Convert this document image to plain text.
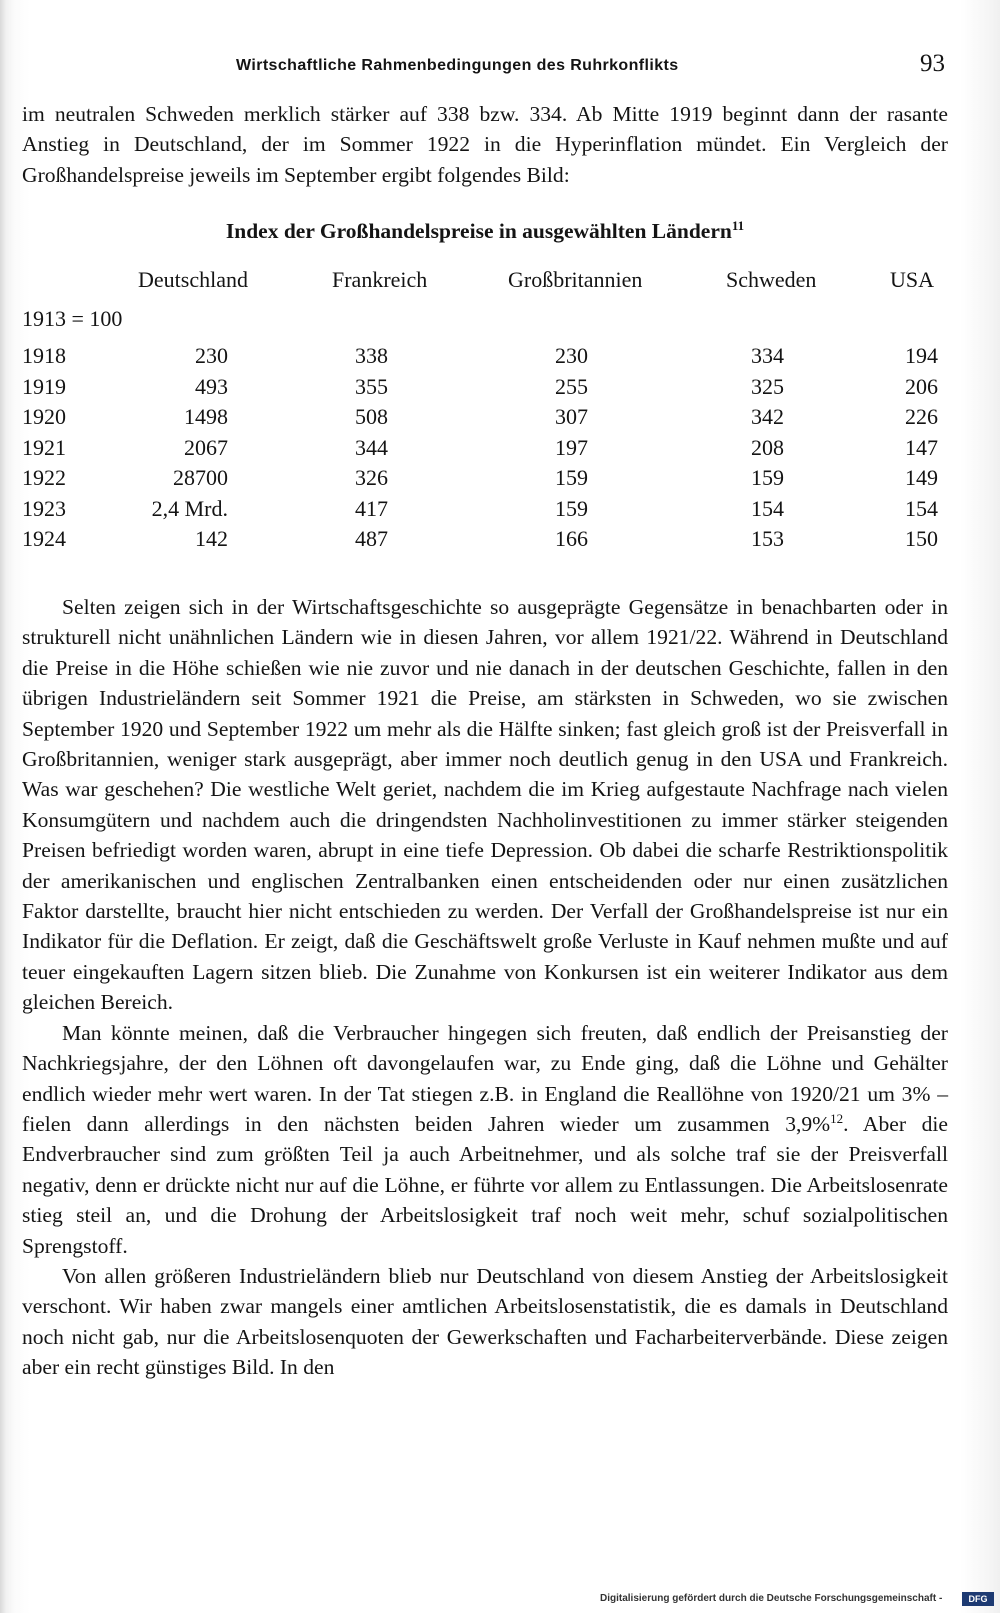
Wirtschaftliche Rahmenbedingungen des Ruhrkonflikts	93

im neutralen Schweden merklich stärker auf 338 bzw. 334. Ab Mitte 1919 beginnt dann der rasante Anstieg in Deutschland, der im Sommer 1922 in die Hyperinflation mündet. Ein Vergleich der Großhandelspreise jeweils im September ergibt folgendes Bild:

Index der Großhandelspreise in ausgewählten Ländern$^{11}$
Deutschland	Frankreich	Großbritannien	Schweden	USA
1913 = 100
1918	230	338	230	334	194
1919	493	355	255	325	206
1920	1498	508	307	342	226
1921	2067	344	197	208	147
1922	28700	326	159	159	149
1923	2,4 Mrd.	417	159	154	154
1924	142	487	166	153	150

Selten zeigen sich in der Wirtschaftsgeschichte so ausgeprägte Gegensätze in benachbarten oder in strukturell nicht unähnlichen Ländern wie in diesen Jahren, vor allem 1921/22. Während in Deutschland die Preise in die Höhe schießen wie nie zuvor und nie danach in der deutschen Geschichte, fallen in den übrigen Industrieländern seit Sommer 1921 die Preise, am stärksten in Schweden, wo sie zwischen September 1920 und September 1922 um mehr als die Hälfte sinken; fast gleich groß ist der Preisverfall in Großbritannien, weniger stark ausgeprägt, aber immer noch deutlich genug in den USA und Frankreich. Was war geschehen? Die westliche Welt geriet, nachdem die im Krieg aufgestaute Nachfrage nach vielen Konsumgütern und nachdem auch die dringendsten Nachholinvestitionen zu immer stärker steigenden Preisen befriedigt worden waren, abrupt in eine tiefe Depression. Ob dabei die scharfe Restriktionspolitik der amerikanischen und englischen Zentralbanken einen entscheidenden oder nur einen zusätzlichen Faktor darstellte, braucht hier nicht entschieden zu werden. Der Verfall der Großhandelspreise ist nur ein Indikator für die Deflation. Er zeigt, daß die Geschäftswelt große Verluste in Kauf nehmen mußte und auf teuer eingekauften Lagern sitzen blieb. Die Zunahme von Konkursen ist ein weiterer Indikator aus dem gleichen Bereich.

Man könnte meinen, daß die Verbraucher hingegen sich freuten, daß endlich der Preisanstieg der Nachkriegsjahre, der den Löhnen oft davongelaufen war, zu Ende ging, daß die Löhne und Gehälter endlich wieder mehr wert waren. In der Tat stiegen z.B. in England die Reallöhne von 1920/21 um 3% – fielen dann allerdings in den nächsten beiden Jahren wieder um zusammen 3,9%$^{12}$. Aber die Endverbraucher sind zum größten Teil ja auch Arbeitnehmer, und als solche traf sie der Preisverfall negativ, denn er drückte nicht nur auf die Löhne, er führte vor allem zu Entlassungen. Die Arbeitslosenrate stieg steil an, und die Drohung der Arbeitslosigkeit traf noch weit mehr, schuf sozialpolitischen Sprengstoff.

Von allen größeren Industrieländern blieb nur Deutschland von diesem Anstieg der Arbeitslosigkeit verschont. Wir haben zwar mangels einer amtlichen Arbeitslosenstatistik, die es damals in Deutschland noch nicht gab, nur die Arbeitslosenquoten der Gewerkschaften und Facharbeiterverbände. Diese zeigen aber ein recht günstiges Bild. In den

Digitalisierung gefördert durch die Deutsche Forschungsgemeinschaft -	DFG
